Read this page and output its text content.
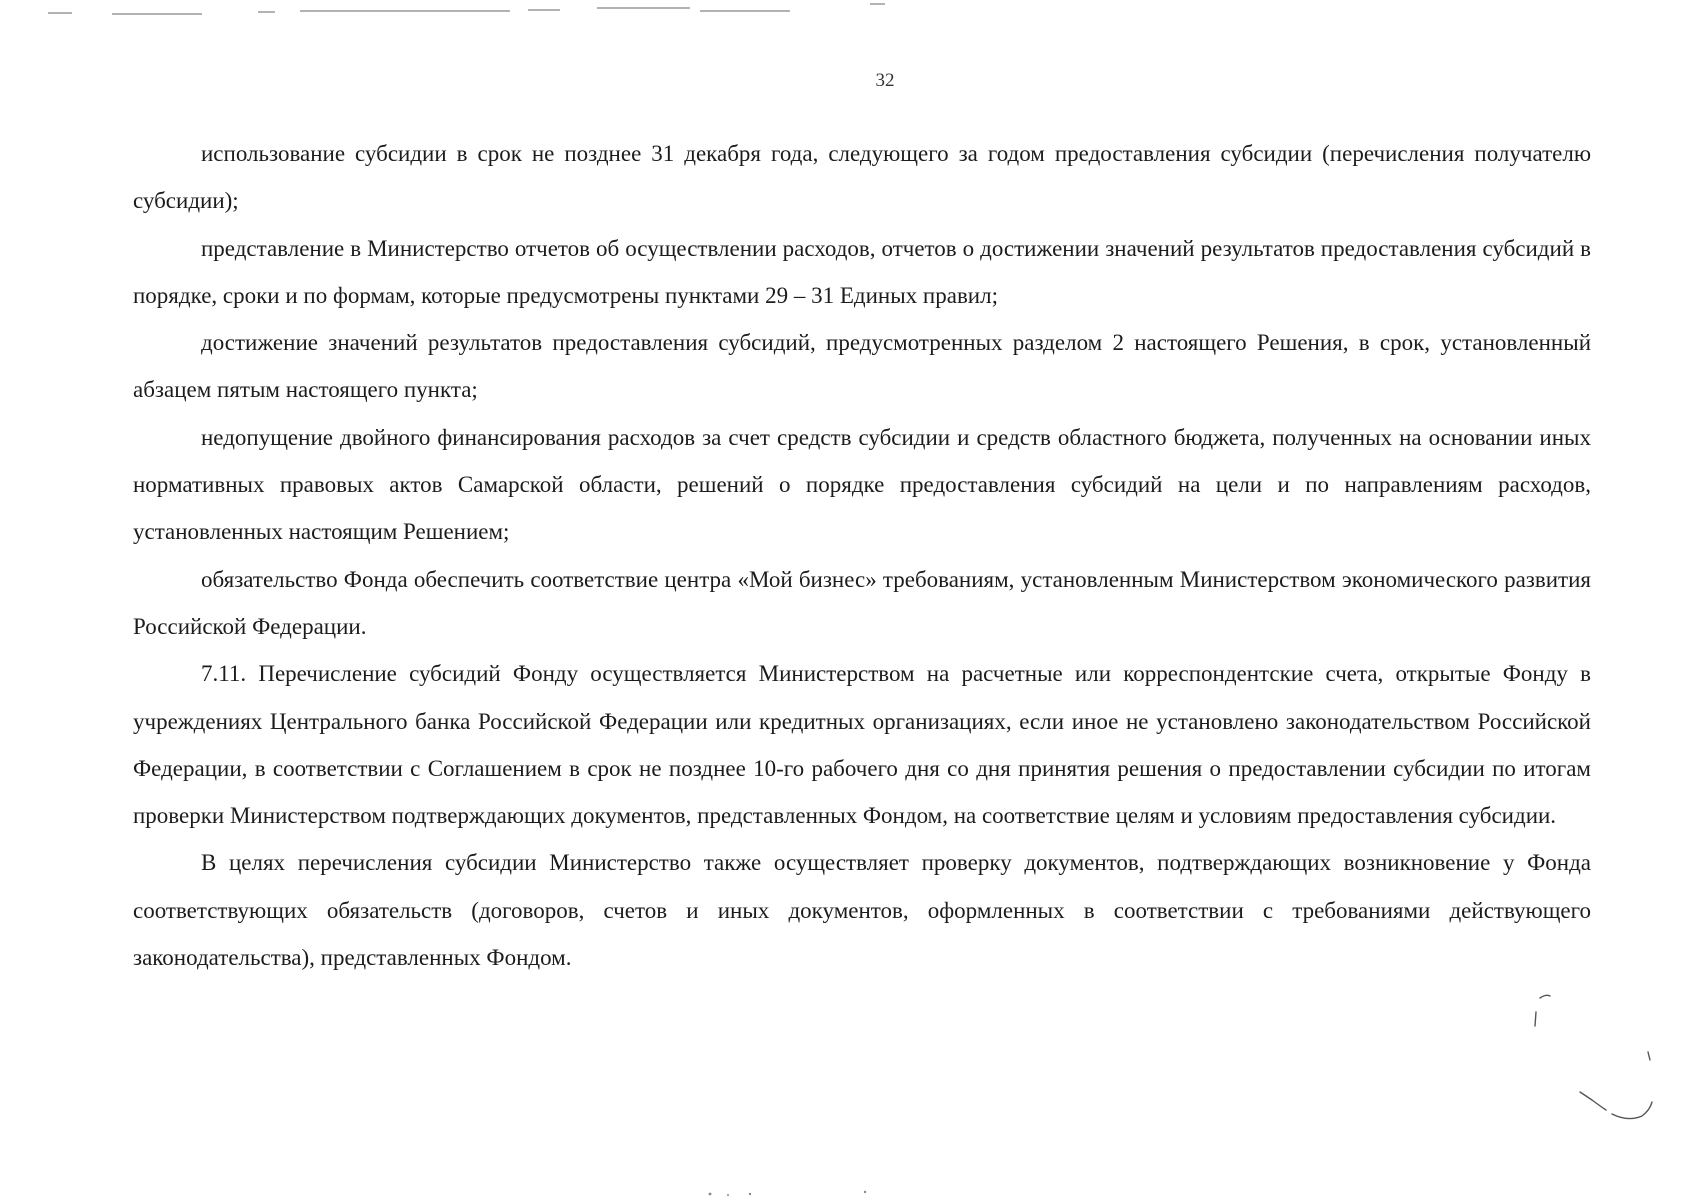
32

использование субсидии в срок не позднее 31 декабря года, следующего за годом предоставления субсидии (перечисления получателю субсидии);

представление в Министерство отчетов об осуществлении расходов, отчетов о достижении значений результатов предоставления субсидий в порядке, сроки и по формам, которые предусмотрены пунктами 29 – 31 Единых правил;

достижение значений результатов предоставления субсидий, предусмотренных разделом 2 настоящего Решения, в срок, установленный абзацем пятым настоящего пункта;

недопущение двойного финансирования расходов за счет средств субсидии и средств областного бюджета, полученных на основании иных нормативных правовых актов Самарской области, решений о порядке предоставления субсидий на цели и по направлениям расходов, установленных настоящим Решением;

обязательство Фонда обеспечить соответствие центра «Мой бизнес» требованиям, установленным Министерством экономического развития Российской Федерации.

7.11. Перечисление субсидий Фонду осуществляется Министерством на расчетные или корреспондентские счета, открытые Фонду в учреждениях Центрального банка Российской Федерации или кредитных организациях, если иное не установлено законодательством Российской Федерации, в соответствии с Соглашением в срок не позднее 10-го рабочего дня со дня принятия решения о предоставлении субсидии по итогам проверки Министерством подтверждающих документов, представленных Фондом, на соответствие целям и условиям предоставления субсидии.

В целях перечисления субсидии Министерство также осуществляет проверку документов, подтверждающих возникновение у Фонда соответствующих обязательств (договоров, счетов и иных документов, оформленных в соответствии с требованиями действующего законодательства), представленных Фондом.
